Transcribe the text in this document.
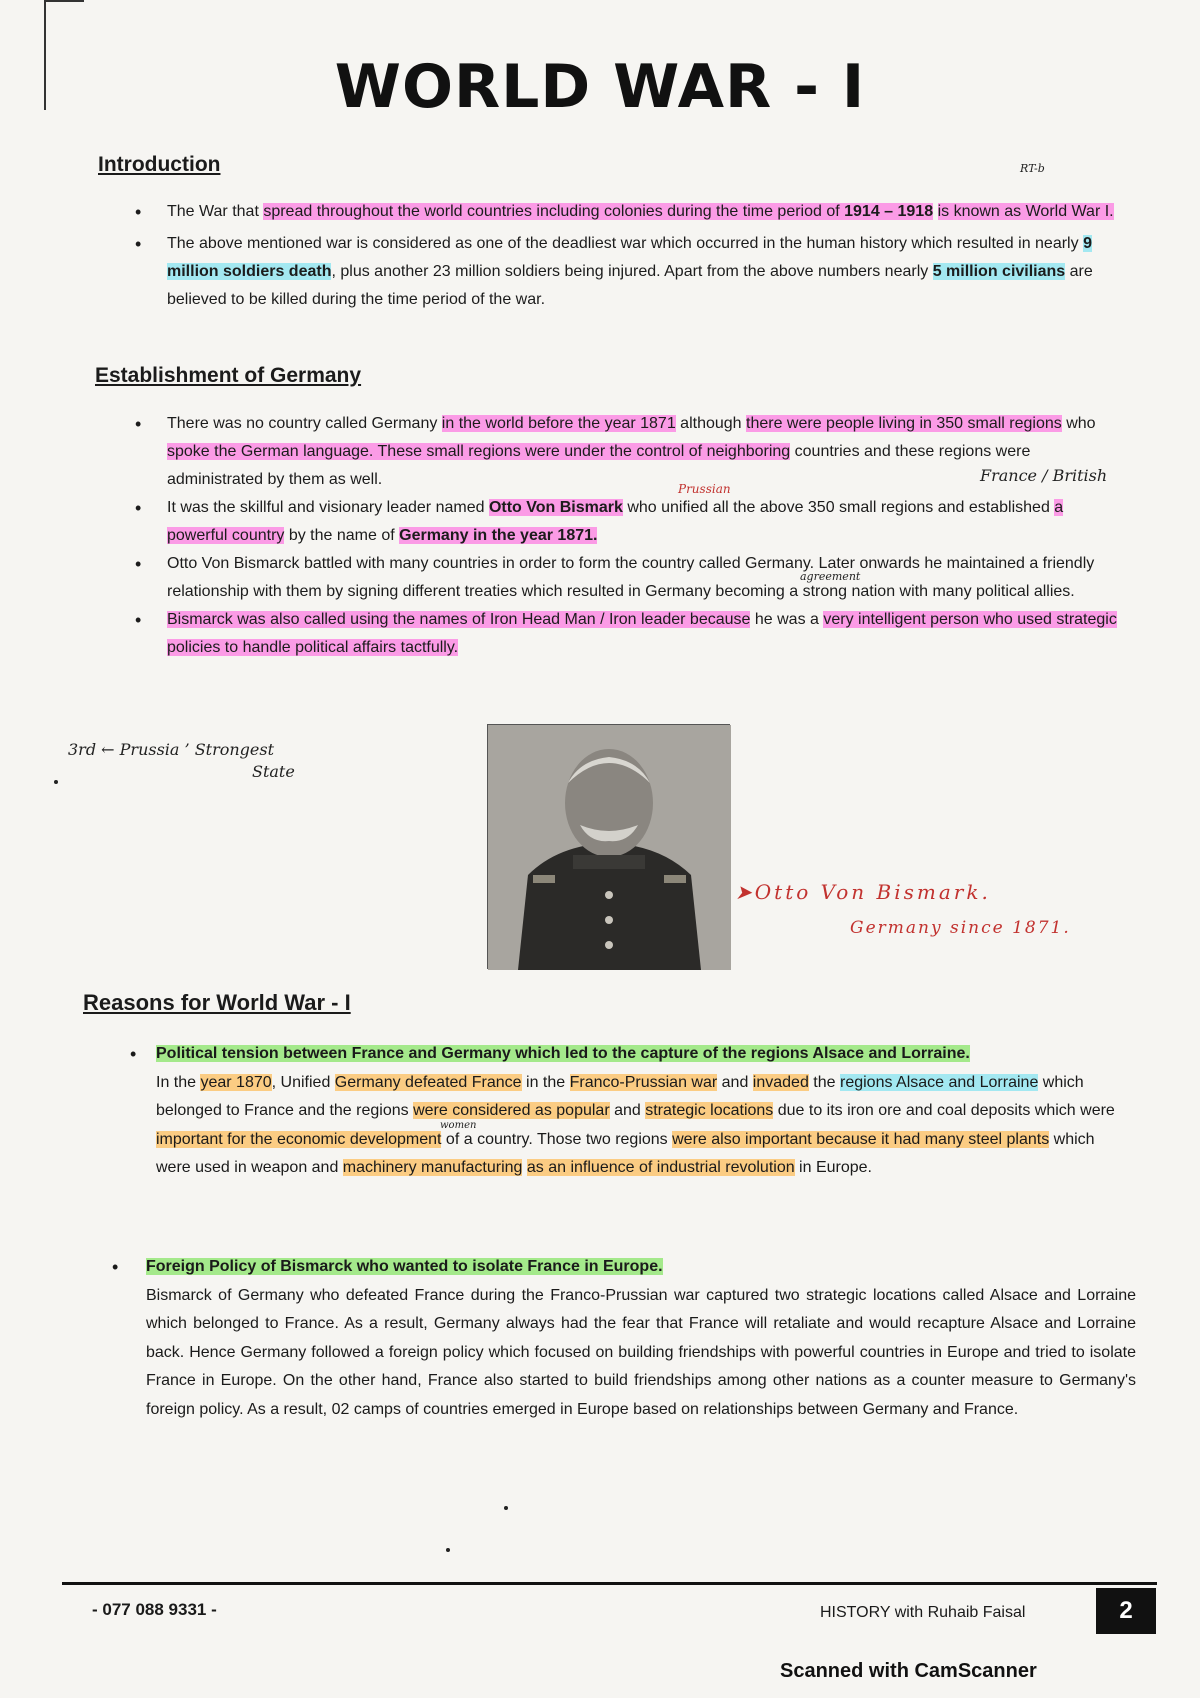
WORLD WAR - I
RT-b
Introduction
• The War that spread throughout the world countries including colonies during the time period of 1914 – 1918 is known as World War I.
• The above mentioned war is considered as one of the deadliest war which occurred in the human history which resulted in nearly 9 million soldiers death, plus another 23 million soldiers being injured. Apart from the above numbers nearly 5 million civilians are believed to be killed during the time period of the war.
Establishment of Germany
• There was no country called Germany in the world before the year 1871 although there were people living in 350 small regions who spoke the German language. These small regions were under the control of neighboring countries and these regions were administrated by them as well.
• It was the skillful and visionary leader named Otto Von Bismark who unified all the above 350 small regions and established a powerful country by the name of Germany in the year 1871.
• Otto Von Bismarck battled with many countries in order to form the country called Germany. Later onwards he maintained a friendly relationship with them by signing different treaties which resulted in Germany becoming a strong nation with many political allies.
• Bismarck was also called using the names of Iron Head Man / Iron leader because he was a very intelligent person who used strategic policies to handle political affairs tactfully.
3rd ← Prussia ’ Strongest
State
France / British
Prussian
agreement
➤Otto Von Bismark.
Germany since 1871.
Reasons for World War - I
• Political tension between France and Germany which led to the capture of the regions Alsace and Lorraine.
In the year 1870, Unified Germany defeated France in the Franco-Prussian war and invaded the regions Alsace and Lorraine which belonged to France and the regions were considered as popular and strategic locations due to its iron ore and coal deposits which were important for the economic development of a country. Those two regions were also important because it had many steel plants which were used in weapon and machinery manufacturing as an influence of industrial revolution in Europe.
women
• Foreign Policy of Bismarck who wanted to isolate France in Europe.
Bismarck of Germany who defeated France during the Franco-Prussian war captured two strategic locations called Alsace and Lorraine which belonged to France. As a result, Germany always had the fear that France will retaliate and would recapture Alsace and Lorraine back. Hence Germany followed a foreign policy which focused on building friendships with powerful countries in Europe and tried to isolate France in Europe. On the other hand, France also started to build friendships among other nations as a counter measure to Germany's foreign policy. As a result, 02 camps of countries emerged in Europe based on relationships between Germany and France.
- 077 088 9331 -	HISTORY with Ruhaib Faisal	2
Scanned with CamScanner
